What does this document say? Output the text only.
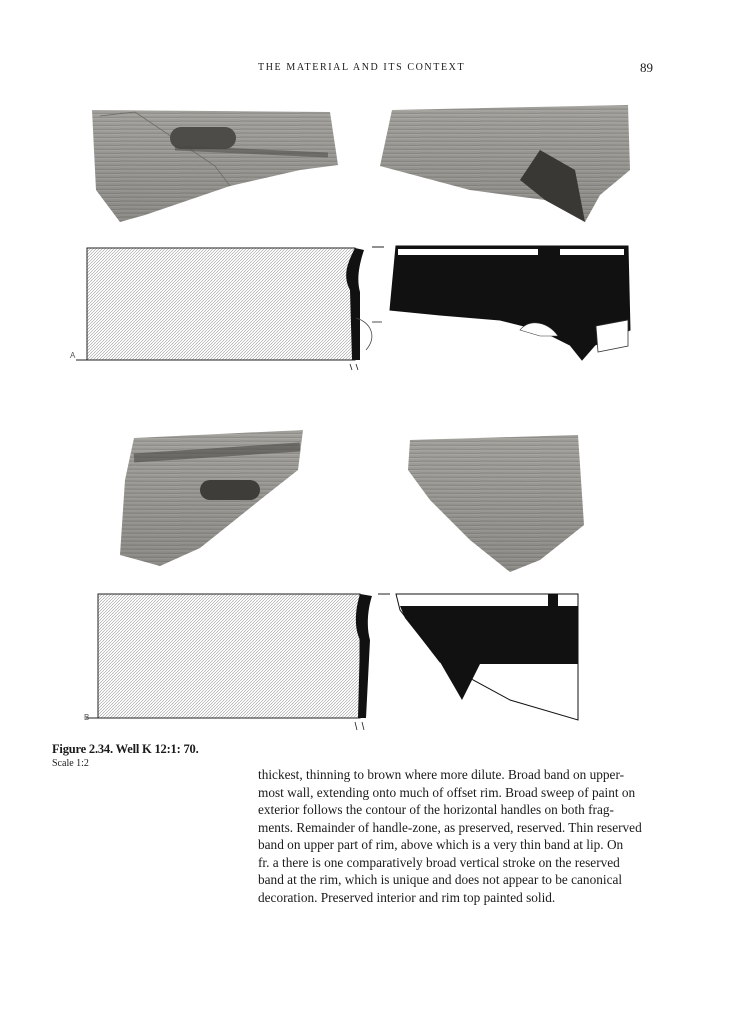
THE MATERIAL AND ITS CONTEXT	89
A
B
Figure 2.34. Well K 12:1: 70.
Scale 1:2

thickest, thinning to brown where more dilute. Broad band on upper-

most wall, extending onto much of offset rim. Broad sweep of paint on

exterior follows the contour of the horizontal handles on both frag-

ments. Remainder of handle-zone, as preserved, reserved. Thin reserved

band on upper part of rim, above which is a very thin band at lip. On

fr. a there is one comparatively broad vertical stroke on the reserved

band at the rim, which is unique and does not appear to be canonical

decoration. Preserved interior and rim top painted solid.
